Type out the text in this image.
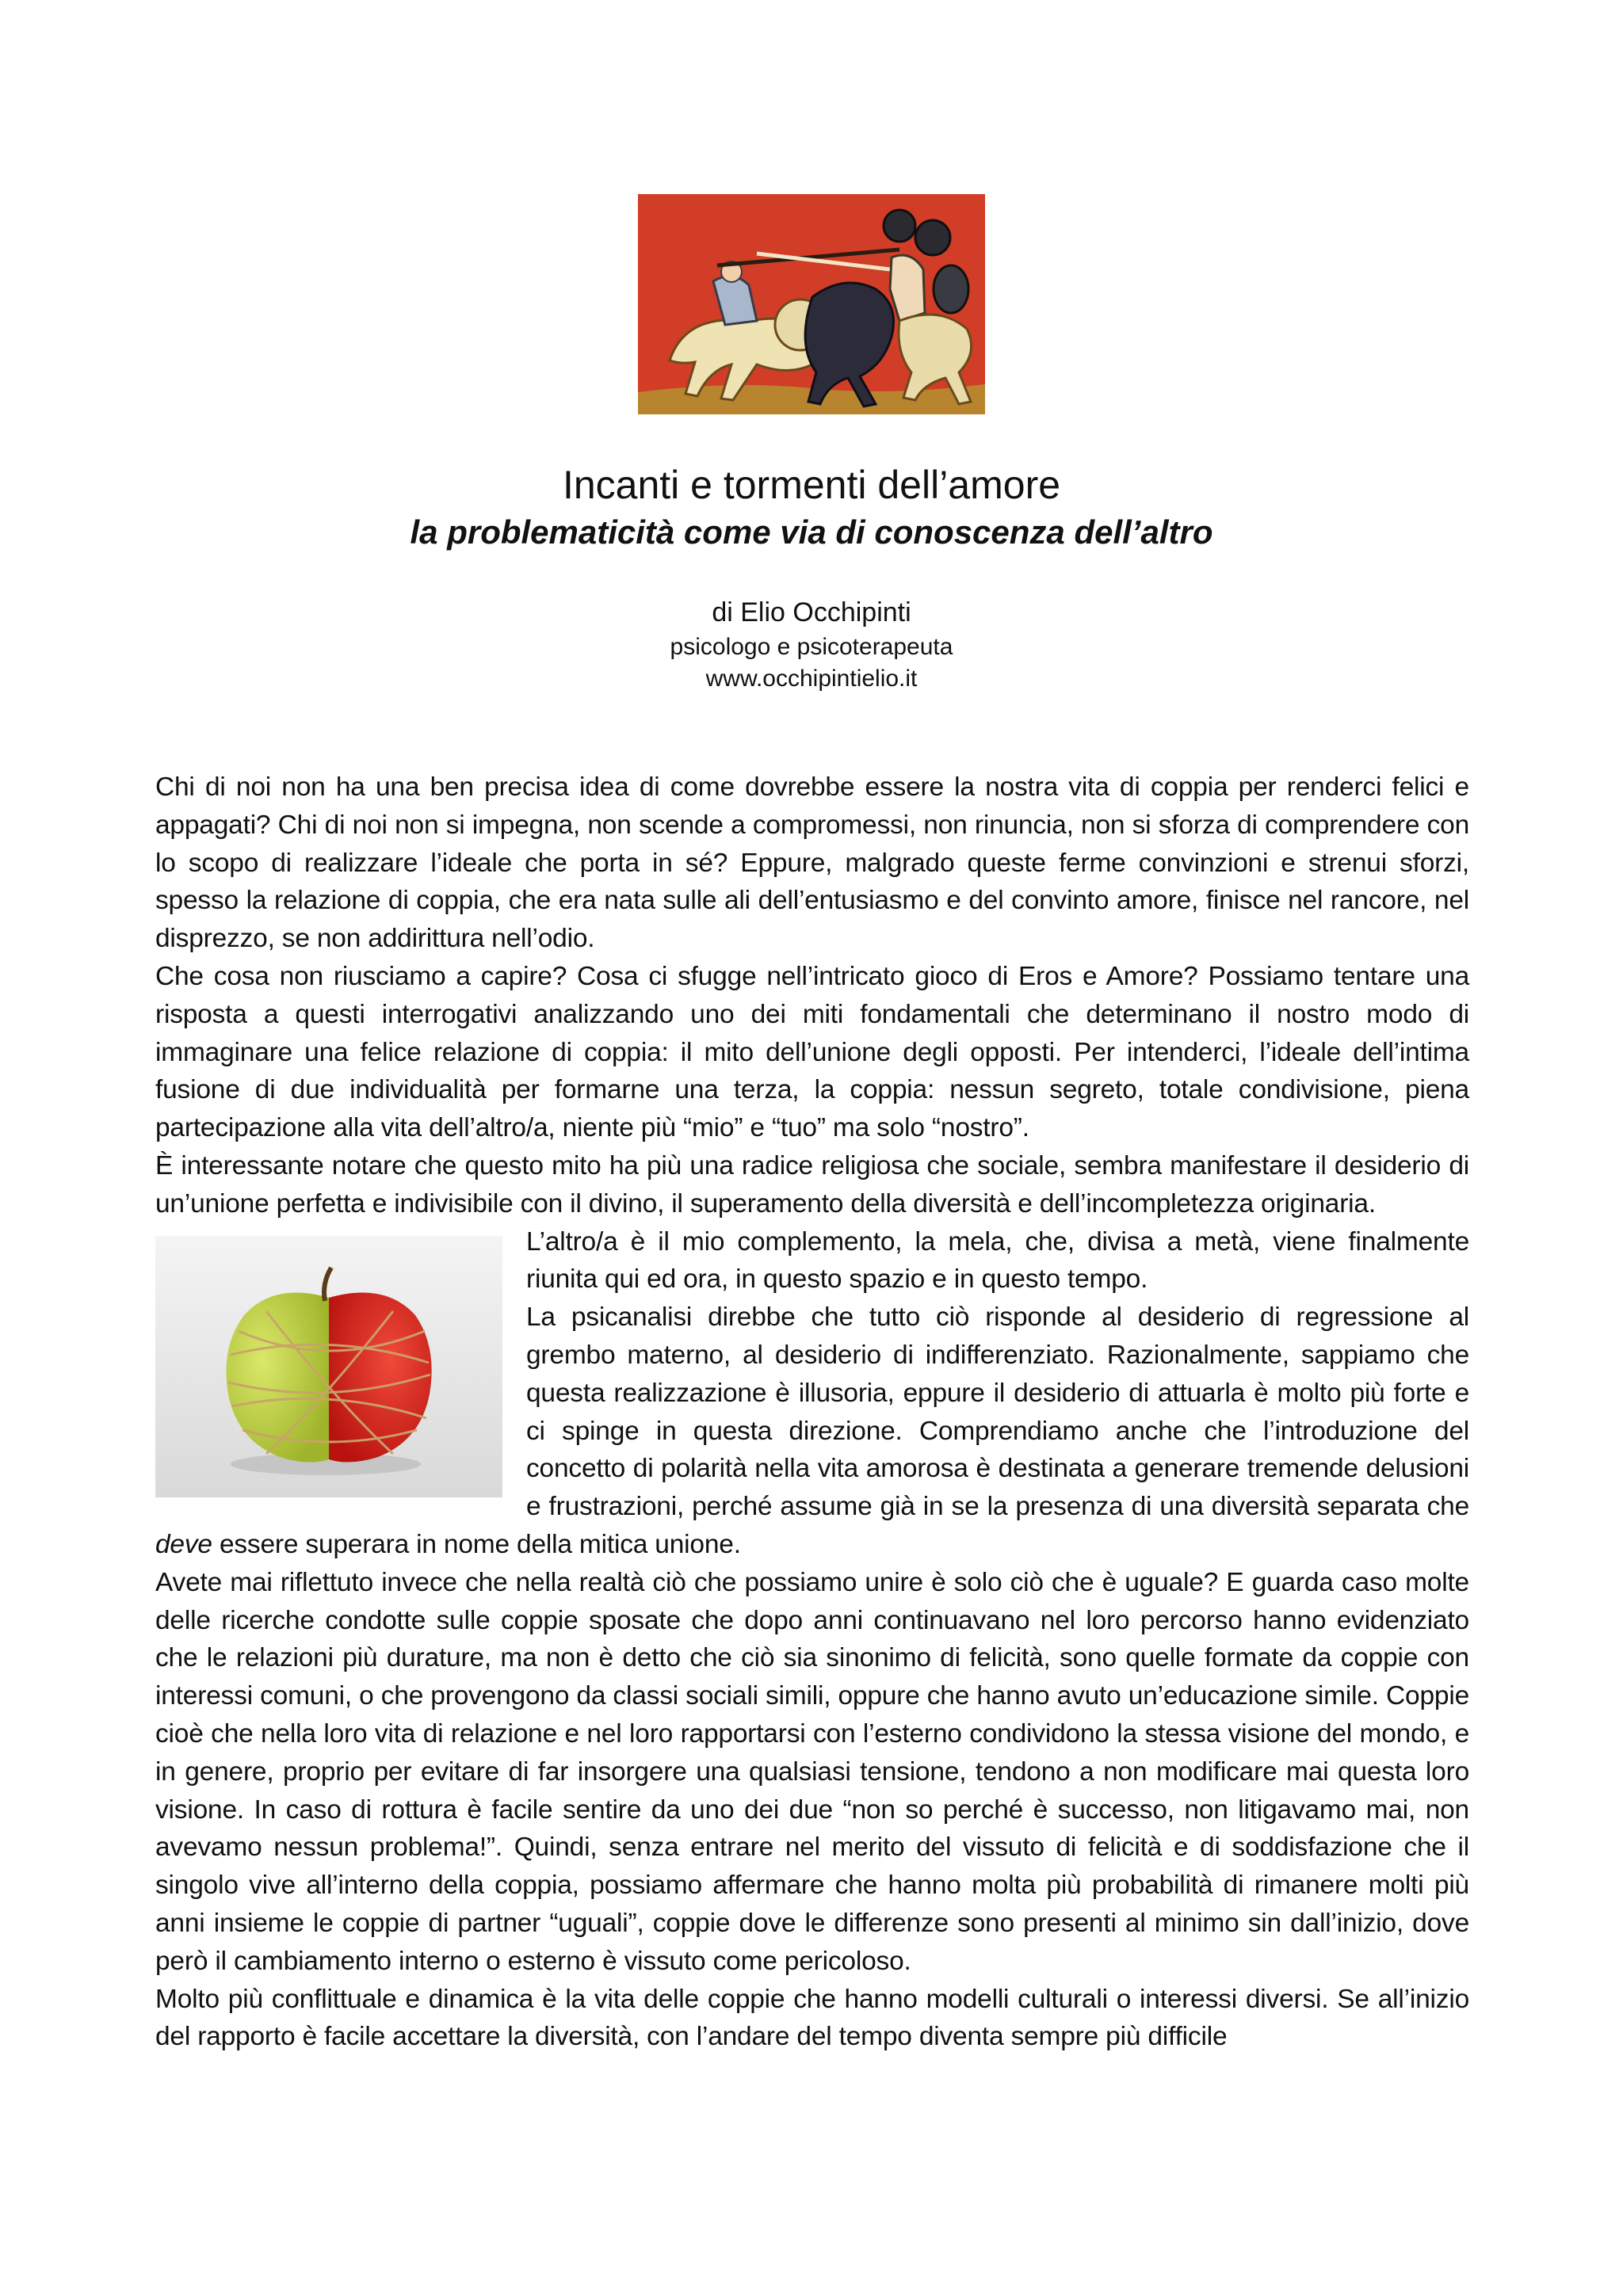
Incanti e tormenti dell’amore
la problematicità come via di conoscenza dell’altro
di Elio Occhipinti
psicologo e psicoterapeuta
www.occhipintielio.it

Chi di noi non ha una ben precisa idea di come dovrebbe essere la nostra vita di coppia per renderci felici e appagati? Chi di noi non si impegna, non scende a compromessi, non rinuncia, non si sforza di comprendere con lo scopo di realizzare l’ideale che porta in sé? Eppure, malgrado queste ferme convinzioni e strenui sforzi, spesso la relazione di coppia, che era nata sulle ali dell’entusiasmo e del convinto amore, finisce nel rancore, nel disprezzo, se non addirittura nell’odio.

Che cosa non riusciamo a capire? Cosa ci sfugge nell’intricato gioco di Eros e Amore? Possiamo tentare una risposta a questi interrogativi analizzando uno dei miti fondamentali che determinano il nostro modo di immaginare una felice relazione di coppia: il mito dell’unione degli opposti. Per intenderci, l’ideale dell’intima fusione di due individualità per formarne una terza, la coppia: nessun segreto, totale condivisione, piena partecipazione alla vita dell’altro/a, niente più “mio” e “tuo” ma solo “nostro”.

È interessante notare che questo mito ha più una radice religiosa che sociale, sembra manifestare il desiderio di un’unione perfetta e indivisibile con il divino, il superamento della diversità e dell’incompletezza originaria.

L’altro/a è il mio complemento, la mela, che, divisa a metà, viene finalmente riunita qui ed ora, in questo spazio e in questo tempo.

La psicanalisi direbbe che tutto ciò risponde al desiderio di regressione al grembo materno, al desiderio di indifferenziato. Razionalmente, sappiamo che questa realizzazione è illusoria, eppure il desiderio di attuarla è molto più forte e ci spinge in questa direzione. Comprendiamo anche che l’introduzione del concetto di polarità nella vita amorosa è destinata a generare tremende delusioni e frustrazioni, perché assume già in se la presenza di una diversità separata che deve essere superara in nome della mitica unione.

Avete mai riflettuto invece che nella realtà ciò che possiamo unire è solo ciò che è uguale? E guarda caso molte delle ricerche condotte sulle coppie sposate che dopo anni continuavano nel loro percorso hanno evidenziato che le relazioni più durature, ma non è detto che ciò sia sinonimo di felicità, sono quelle formate da coppie con interessi comuni, o che provengono da classi sociali simili, oppure che hanno avuto un’educazione simile. Coppie cioè che nella loro vita di relazione e nel loro rapportarsi con l’esterno condividono la stessa visione del mondo, e in genere, proprio per evitare di far insorgere una qualsiasi tensione, tendono a non modificare mai questa loro visione. In caso di rottura è facile sentire da uno dei due “non so perché è successo, non litigavamo mai, non avevamo nessun problema!”. Quindi, senza entrare nel merito del vissuto di felicità e di soddisfazione che il singolo vive all’interno della coppia, possiamo affermare che hanno molta più probabilità di rimanere molti più anni insieme le coppie di partner “uguali”, coppie dove le differenze sono presenti al minimo sin dall’inizio, dove però il cambiamento interno o esterno è vissuto come pericoloso.

Molto più conflittuale e dinamica è la vita delle coppie che hanno modelli culturali o interessi diversi. Se all’inizio del rapporto è facile accettare la diversità, con l’andare del tempo diventa sempre più difficile
